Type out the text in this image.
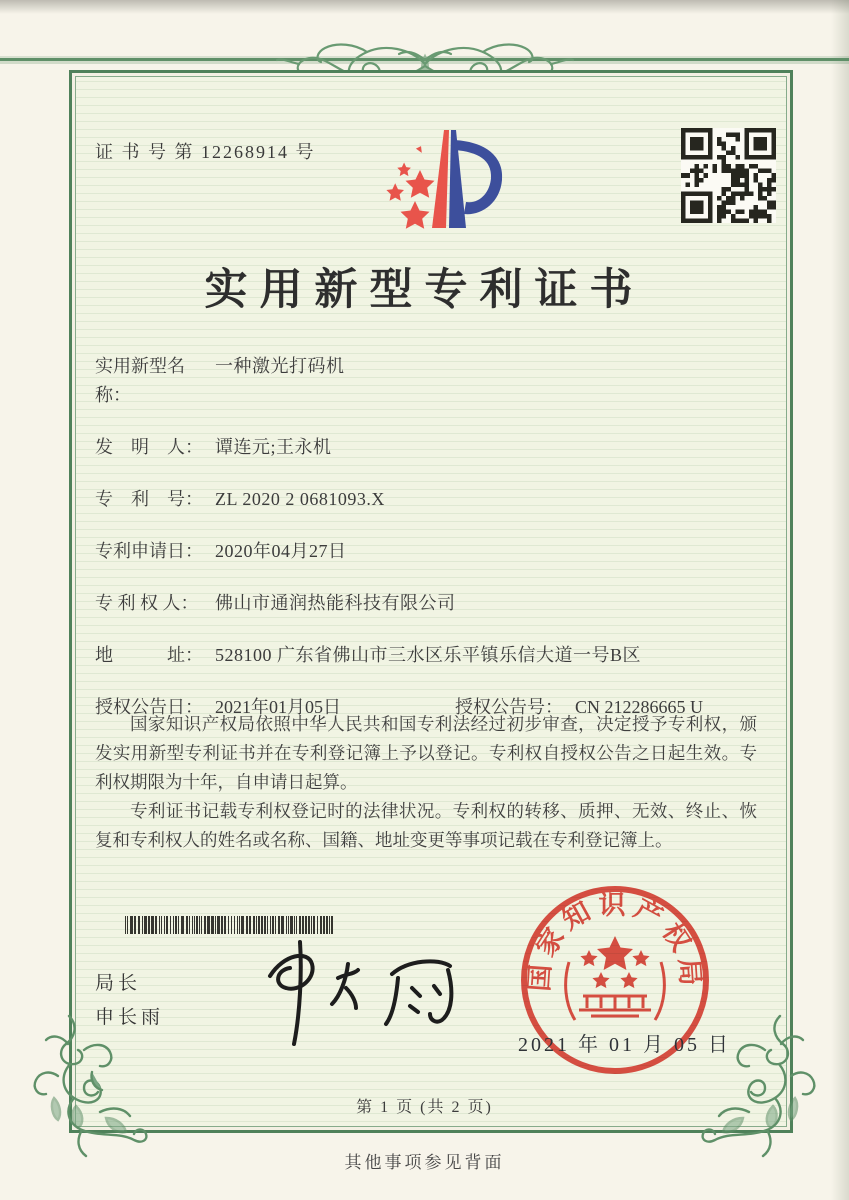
证 书 号 第 12268914 号
实用新型专利证书
实用新型名称：
一种激光打码机
发　明　人： 谭连元;王永机
专　利　号： ZL 2020 2 0681093.X
专利申请日： 2020年04月27日
专 利 权 人： 佛山市通润热能科技有限公司
地　　　址： 528100 广东省佛山市三水区乐平镇乐信大道一号B区
授权公告日： 2021年01月05日	授权公告号： CN 212286665 U

国家知识产权局依照中华人民共和国专利法经过初步审查，决定授予专利权，颁发实用新型专利证书并在专利登记簿上予以登记。专利权自授权公告之日起生效。专利权期限为十年，自申请日起算。

专利证书记载专利权登记时的法律状况。专利权的转移、质押、无效、终止、恢复和专利权人的姓名或名称、国籍、地址变更等事项记载在专利登记簿上。

局长
申长雨
国家知识产权局
2021 年 01 月 05 日
第 1 页 (共 2 页)
其他事项参见背面
